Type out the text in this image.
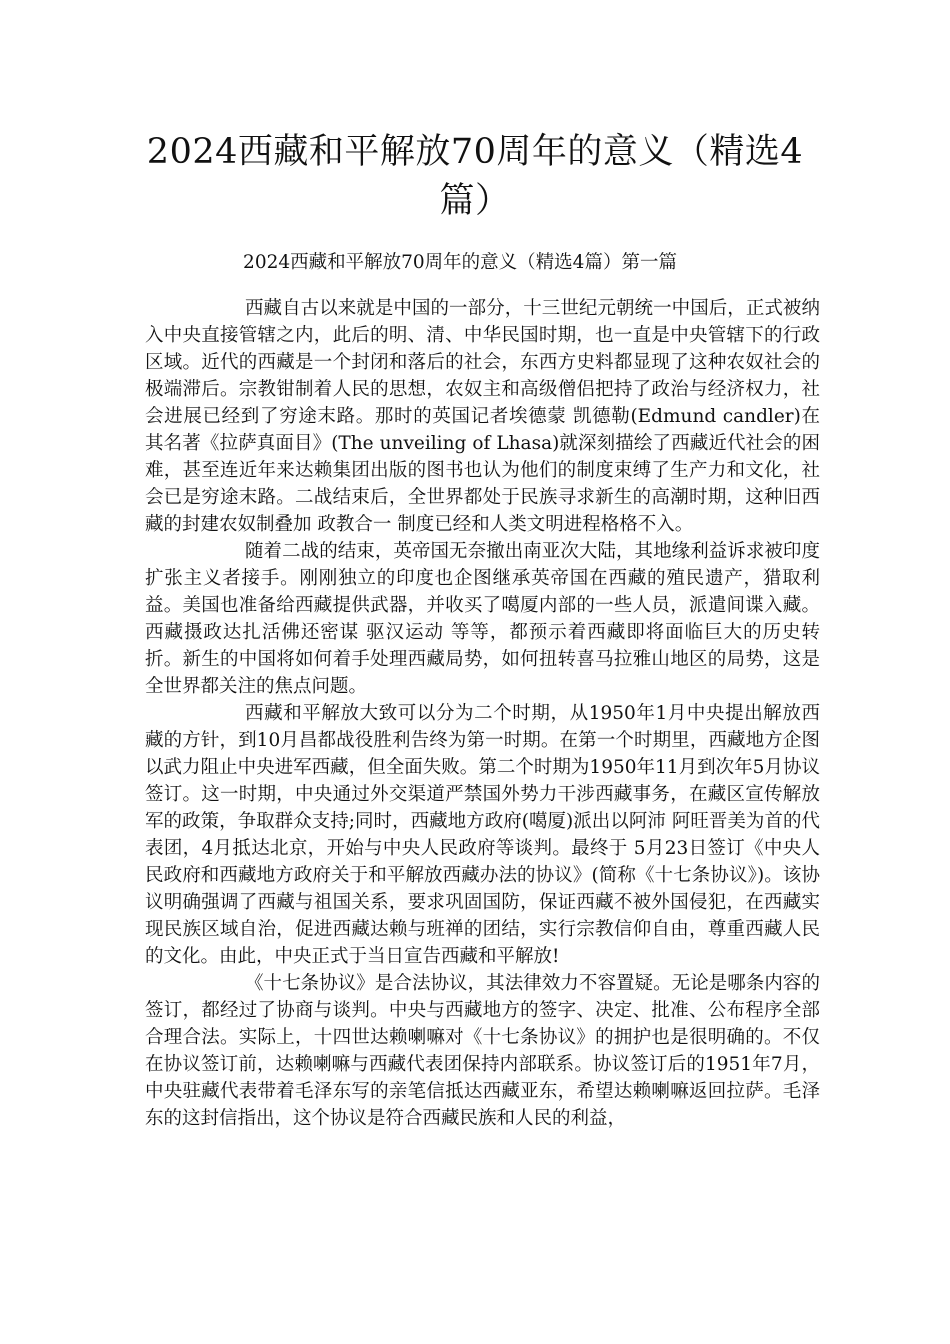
2024西藏和平解放70周年的意义（精选4篇）

2024西藏和平解放70周年的意义（精选4篇）第一篇

西藏自古以来就是中国的一部分，十三世纪元朝统一中国后，正式被纳入中央直接管辖之内，此后的明、清、中华民国时期，也一直是中央管辖下的行政区域。近代的西藏是一个封闭和落后的社会，东西方史料都显现了这种农奴社会的极端滞后。宗教钳制着人民的思想，农奴主和高级僧侣把持了政治与经济权力，社会进展已经到了穷途末路。那时的英国记者埃德蒙 凯德勒(Edmund candler)在其名著《拉萨真面目》(The unveiling of Lhasa)就深刻描绘了西藏近代社会的困难，甚至连近年来达赖集团出版的图书也认为他们的制度束缚了生产力和文化，社会已是穷途末路。二战结束后，全世界都处于民族寻求新生的高潮时期，这种旧西藏的封建农奴制叠加 政教合一 制度已经和人类文明进程格格不入。

随着二战的结束，英帝国无奈撤出南亚次大陆，其地缘利益诉求被印度扩张主义者接手。刚刚独立的印度也企图继承英帝国在西藏的殖民遗产，猎取利益。美国也准备给西藏提供武器，并收买了噶厦内部的一些人员，派遣间谍入藏。西藏摄政达扎活佛还密谋 驱汉运动 等等，都预示着西藏即将面临巨大的历史转折。新生的中国将如何着手处理西藏局势，如何扭转喜马拉雅山地区的局势，这是全世界都关注的焦点问题。

西藏和平解放大致可以分为二个时期，从1950年1月中央提出解放西藏的方针，到10月昌都战役胜利告终为第一时期。在第一个时期里，西藏地方企图以武力阻止中央进军西藏，但全面失败。第二个时期为1950年11月到次年5月协议签订。这一时期，中央通过外交渠道严禁国外势力干涉西藏事务，在藏区宣传解放军的政策，争取群众支持;同时，西藏地方政府(噶厦)派出以阿沛 阿旺晋美为首的代表团，4月抵达北京，开始与中央人民政府等谈判。最终于 5月23日签订《中央人民政府和西藏地方政府关于和平解放西藏办法的协议》(简称《十七条协议》)。该协议明确强调了西藏与祖国关系，要求巩固国防，保证西藏不被外国侵犯，在西藏实现民族区域自治，促进西藏达赖与班禅的团结，实行宗教信仰自由，尊重西藏人民的文化。由此，中央正式于当日宣告西藏和平解放!

《十七条协议》是合法协议，其法律效力不容置疑。无论是哪条内容的签订，都经过了协商与谈判。中央与西藏地方的签字、决定、批准、公布程序全部合理合法。实际上，十四世达赖喇嘛对《十七条协议》的拥护也是很明确的。不仅在协议签订前，达赖喇嘛与西藏代表团保持内部联系。协议签订后的1951年7月，中央驻藏代表带着毛泽东写的亲笔信抵达西藏亚东，希望达赖喇嘛返回拉萨。毛泽东的这封信指出，这个协议是符合西藏民族和人民的利益，
